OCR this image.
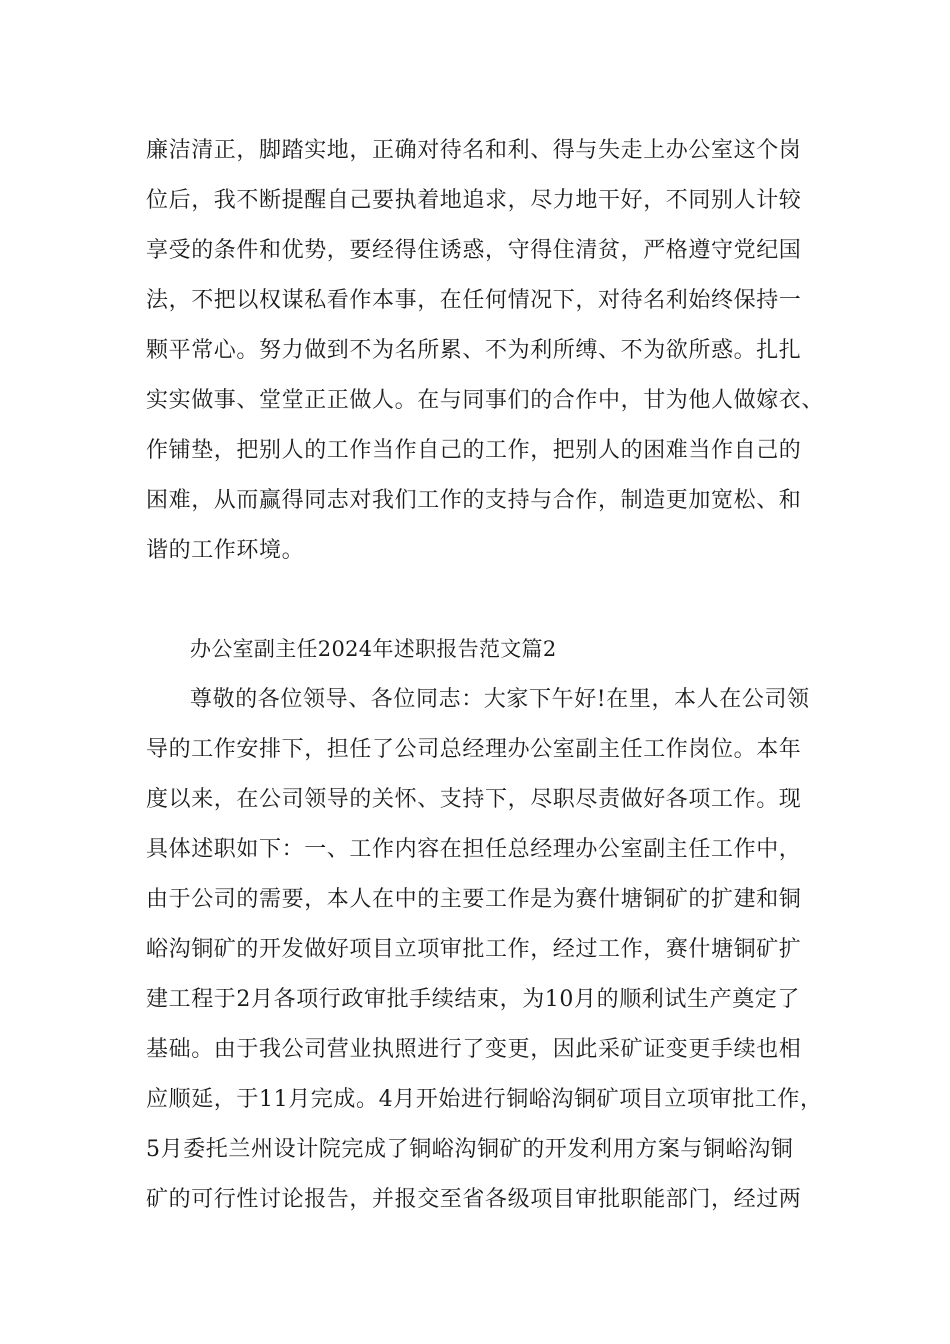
廉洁清正，脚踏实地，正确对待名和利、得与失走上办公室这个岗
位后，我不断提醒自己要执着地追求，尽力地干好，不同别人计较
享受的条件和优势，要经得住诱惑，守得住清贫，严格遵守党纪国
法，不把以权谋私看作本事，在任何情况下，对待名利始终保持一
颗平常心。努力做到不为名所累、不为利所缚、不为欲所惑。扎扎
实实做事、堂堂正正做人。在与同事们的合作中，甘为他人做嫁衣、
作铺垫，把别人的工作当作自己的工作，把别人的困难当作自己的
困难，从而赢得同志对我们工作的支持与合作，制造更加宽松、和
谐的工作环境。
办公室副主任2024年述职报告范文篇2
尊敬的各位领导、各位同志：大家下午好!在里，本人在公司领
导的工作安排下，担任了公司总经理办公室副主任工作岗位。本年
度以来，在公司领导的关怀、支持下，尽职尽责做好各项工作。现
具体述职如下：一、工作内容在担任总经理办公室副主任工作中，
由于公司的需要，本人在中的主要工作是为赛什塘铜矿的扩建和铜
峪沟铜矿的开发做好项目立项审批工作，经过工作，赛什塘铜矿扩
建工程于2月各项行政审批手续结束，为10月的顺利试生产奠定了
基础。由于我公司营业执照进行了变更，因此采矿证变更手续也相
应顺延，于11月完成。4月开始进行铜峪沟铜矿项目立项审批工作，
5月委托兰州设计院完成了铜峪沟铜矿的开发利用方案与铜峪沟铜
矿的可行性讨论报告，并报交至省各级项目审批职能部门，经过两
